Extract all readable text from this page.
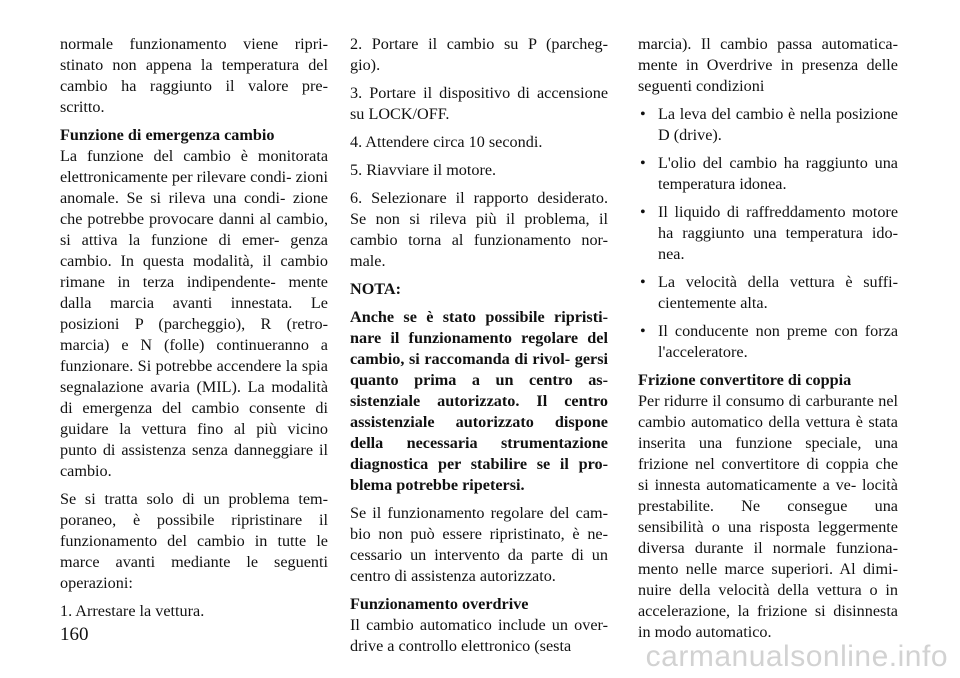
normale funzionamento viene ripri- stinato non appena la temperatura del cambio ha raggiunto il valore pre- scritto.

Funzione di emergenza cambio

La funzione del cambio è monitorata elettronicamente per rilevare condi- zioni anomale. Se si rileva una condi- zione che potrebbe provocare danni al cambio, si attiva la funzione di emer- genza cambio. In questa modalità, il cambio rimane in terza indipendente- mente dalla marcia avanti innestata. Le posizioni P (parcheggio), R (retro- marcia) e N (folle) continueranno a funzionare. Si potrebbe accendere la spia segnalazione avaria (MIL). La modalità di emergenza del cambio consente di guidare la vettura fino al più vicino punto di assistenza senza danneggiare il cambio.

Se si tratta solo di un problema tem- poraneo, è possibile ripristinare il funzionamento del cambio in tutte le marce avanti mediante le seguenti operazioni:

1. Arrestare la vettura.

2. Portare il cambio su P (parcheg- gio).

3. Portare il dispositivo di accensione su LOCK/OFF.

4. Attendere circa 10 secondi.

5. Riavviare il motore.

6. Selezionare il rapporto desiderato. Se non si rileva più il problema, il cambio torna al funzionamento nor- male.

NOTA:

Anche se è stato possibile ripristi- nare il funzionamento regolare del cambio, si raccomanda di rivol- gersi quanto prima a un centro as- sistenziale autorizzato. Il centro assistenziale autorizzato dispone della necessaria strumentazione diagnostica per stabilire se il pro- blema potrebbe ripetersi.

Se il funzionamento regolare del cam- bio non può essere ripristinato, è ne- cessario un intervento da parte di un centro di assistenza autorizzato.

Funzionamento overdrive

Il cambio automatico include un over- drive a controllo elettronico (sesta

marcia). Il cambio passa automatica- mente in Overdrive in presenza delle seguenti condizioni

• La leva del cambio è nella posizione D (drive).
• L'olio del cambio ha raggiunto una temperatura idonea.
• Il liquido di raffreddamento motore ha raggiunto una temperatura ido- nea.
• La velocità della vettura è suffi- cientemente alta.
• Il conducente non preme con forza l'acceleratore.
Frizione convertitore di coppia

Per ridurre il consumo di carburante nel cambio automatico della vettura è stata inserita una funzione speciale, una frizione nel convertitore di coppia che si innesta automaticamente a ve- locità prestabilite. Ne consegue una sensibilità o una risposta leggermente diversa durante il normale funziona- mento nelle marce superiori. Al dimi- nuire della velocità della vettura o in accelerazione, la frizione si disinnesta in modo automatico.

160
carmanualsonline.info
